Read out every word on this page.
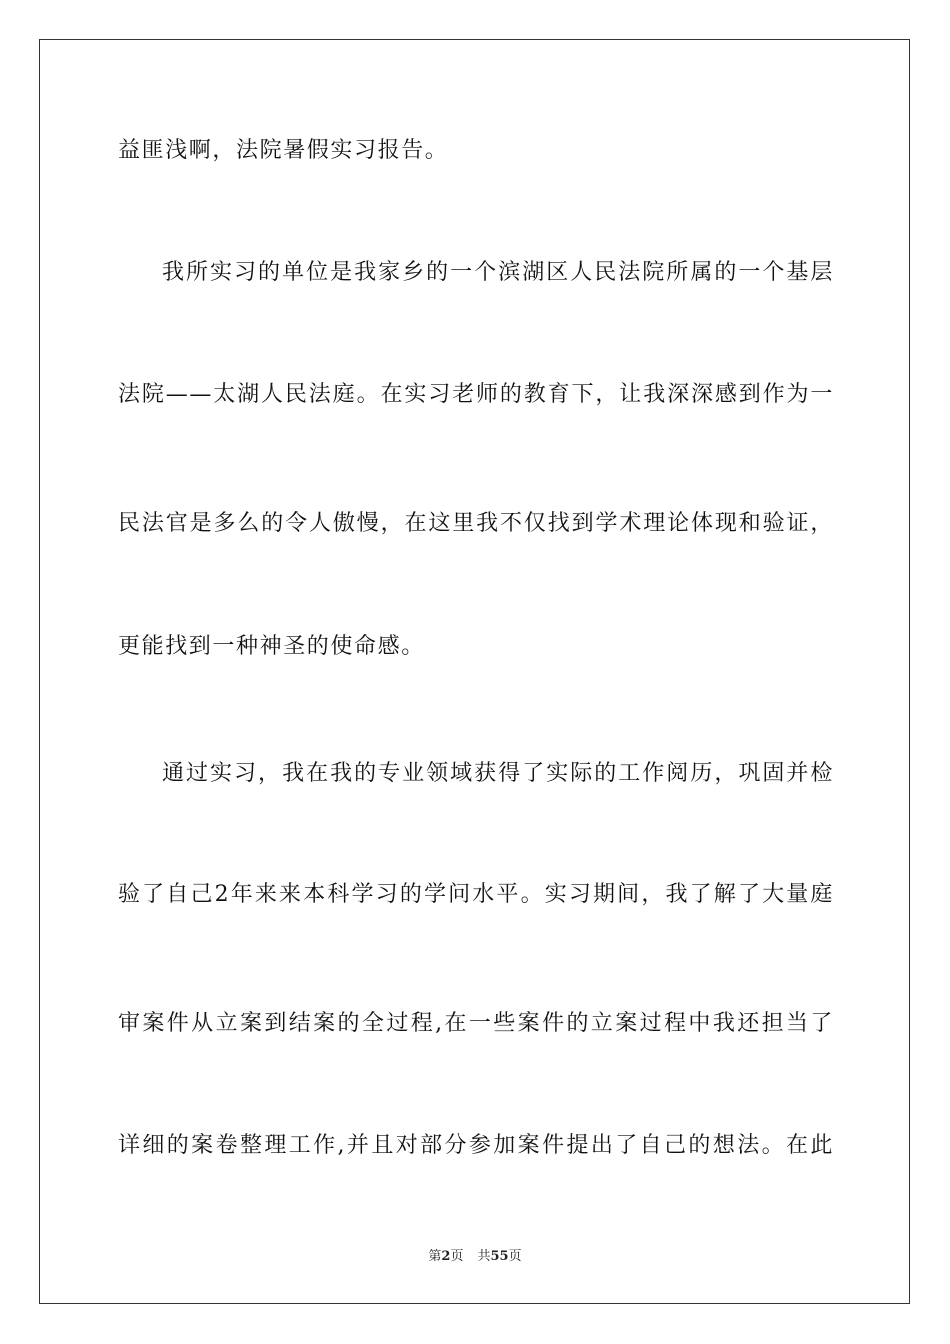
益匪浅啊，法院暑假实习报告。
我所实习的单位是我家乡的一个滨湖区人民法院所属的一个基层
法院——太湖人民法庭。在实习老师的教育下，让我深深感到作为一
民法官是多么的令人傲慢，在这里我不仅找到学术理论体现和验证，
更能找到一种神圣的使命感。
通过实习，我在我的专业领域获得了实际的工作阅历，巩固并检
验了自己2年来来本科学习的学问水平。实习期间，我了解了大量庭
审案件从立案到结案的全过程,在一些案件的立案过程中我还担当了
详细的案卷整理工作,并且对部分参加案件提出了自己的想法。在此
第2页 共55页
